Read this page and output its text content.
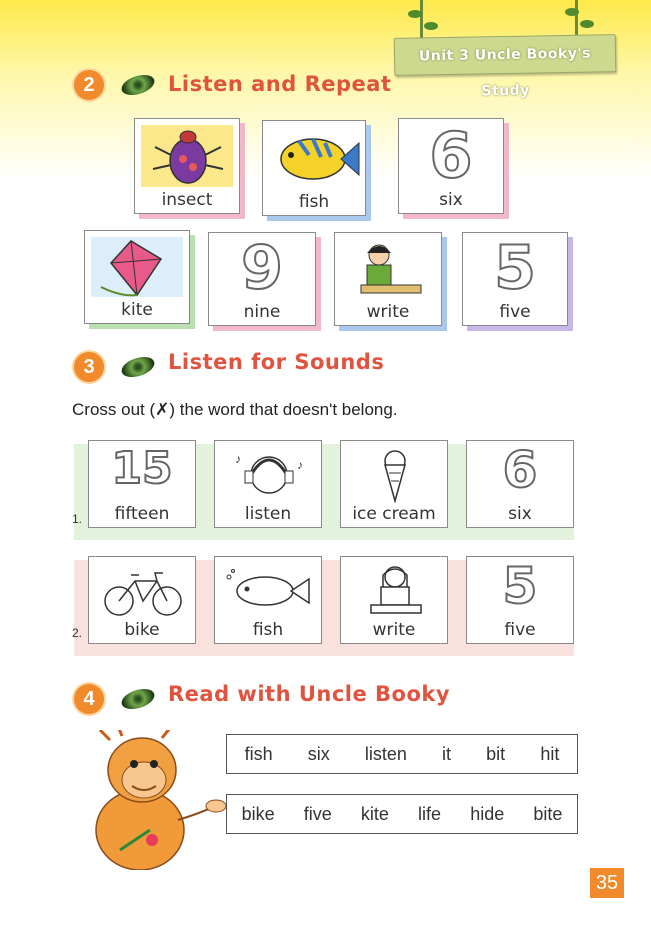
Unit 3 Uncle Booky's Study
2	Listen and Repeat
insect	fish
6
six
kite
9
nine	write
5
five
3	Listen for Sounds
Cross out (✗) the word that doesn't belong.
1.
15
fifteen
♪	♪
listen	ice cream
6
six
2.	bike	fish	write
5
five
4	Read with Uncle Booky
fish six listen it bit hit
bike five kite life hide bite
35
